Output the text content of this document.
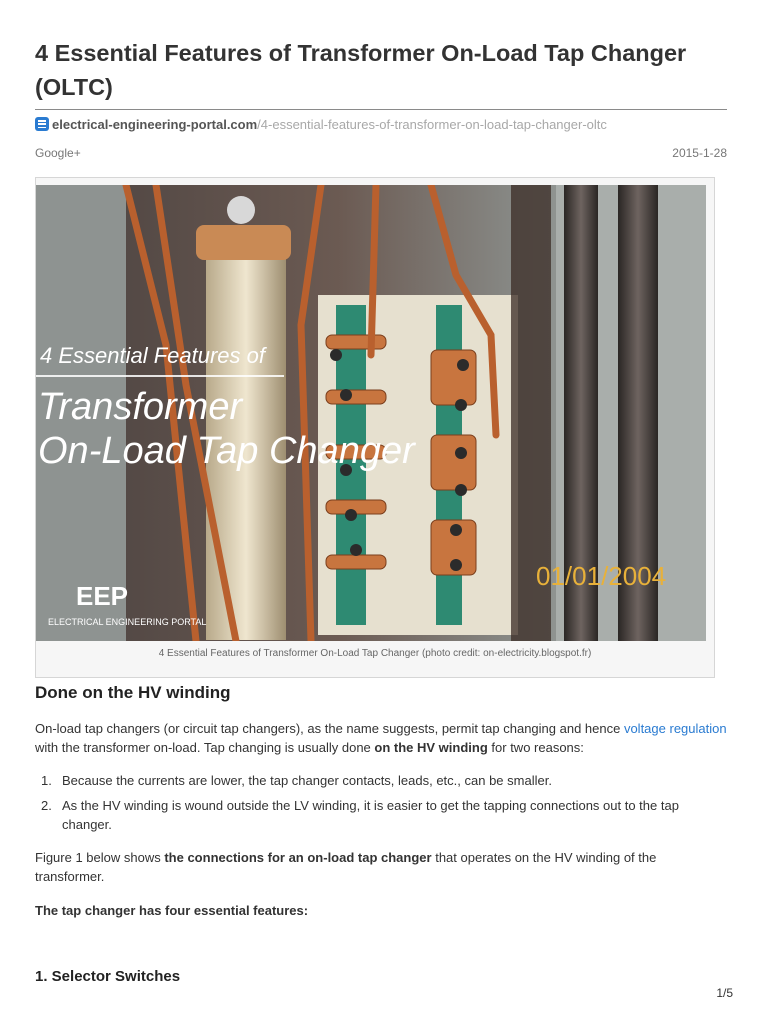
4 Essential Features of Transformer On-Load Tap Changer (OLTC)
electrical-engineering-portal.com/4-essential-features-of-transformer-on-load-tap-changer-oltc
Google+	2015-1-28
4 Essential Features of
Transformer
On-Load Tap Changer
01/01/2004
EEP
ELECTRICAL ENGINEERING PORTAL
4 Essential Features of Transformer On-Load Tap Changer (photo credit: on-electricity.blogspot.fr)
Done on the HV winding

On-load tap changers (or circuit tap changers), as the name suggests, permit tap changing and hence voltage regulation with the transformer on-load. Tap changing is usually done on the HV winding for two reasons:

1. Because the currents are lower, the tap changer contacts, leads, etc., can be smaller.
2. As the HV winding is wound outside the LV winding, it is easier to get the tapping connections out to the tap changer.

Figure 1 below shows the connections for an on-load tap changer that operates on the HV winding of the transformer.

The tap changer has four essential features:

1. Selector Switches
1/5
